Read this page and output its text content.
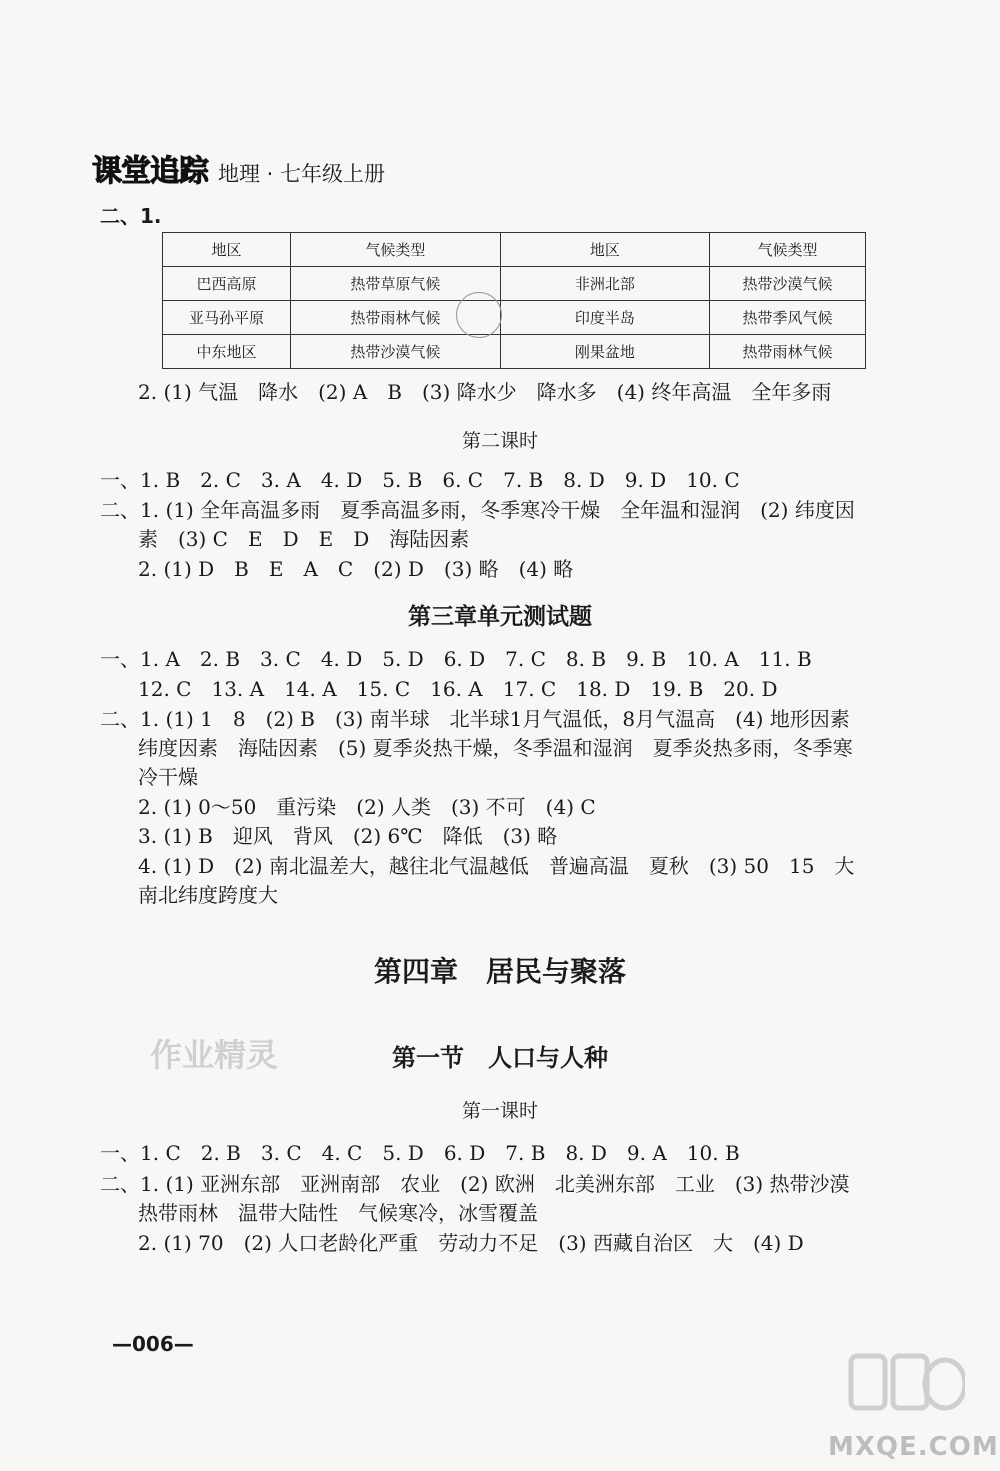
课堂追踪 地理 · 七年级上册
二、1.
地区	气候类型	地区	气候类型
巴西高原	热带草原气候	非洲北部	热带沙漠气候
亚马孙平原	热带雨林气候	印度半岛	热带季风气候
中东地区	热带沙漠气候	刚果盆地	热带雨林气候
2. (1) 气温　降水　(2) A　B　(3) 降水少　降水多　(4) 终年高温　全年多雨
第二课时
一、1. B　2. C　3. A　4. D　5. B　6. C　7. B　8. D　9. D　10. C
二、1. (1) 全年高温多雨　夏季高温多雨，冬季寒冷干燥　全年温和湿润　(2) 纬度因
素　(3) C　E　D　E　D　海陆因素
2. (1) D　B　E　A　C　(2) D　(3) 略　(4) 略
第三章单元测试题
一、1. A　2. B　3. C　4. D　5. D　6. D　7. C　8. B　9. B　10. A　11. B
12. C　13. A　14. A　15. C　16. A　17. C　18. D　19. B　20. D
二、1. (1) 1　8　(2) B　(3) 南半球　北半球1月气温低，8月气温高　(4) 地形因素
纬度因素　海陆因素　(5) 夏季炎热干燥，冬季温和湿润　夏季炎热多雨，冬季寒
冷干燥
2. (1) 0～50　重污染　(2) 人类　(3) 不可　(4) C
3. (1) B　迎风　背风　(2) 6℃　降低　(3) 略
4. (1) D　(2) 南北温差大，越往北气温越低　普遍高温　夏秋　(3) 50　15　大
南北纬度跨度大
第四章　居民与聚落
作业精灵	第一节　人口与人种
第一课时
一、1. C　2. B　3. C　4. C　5. D　6. D　7. B　8. D　9. A　10. B
二、1. (1) 亚洲东部　亚洲南部　农业　(2) 欧洲　北美洲东部　工业　(3) 热带沙漠
热带雨林　温带大陆性　气候寒冷，冰雪覆盖
2. (1) 70　(2) 人口老龄化严重　劳动力不足　(3) 西藏自治区　大　(4) D
—006—
MXQE.COM
